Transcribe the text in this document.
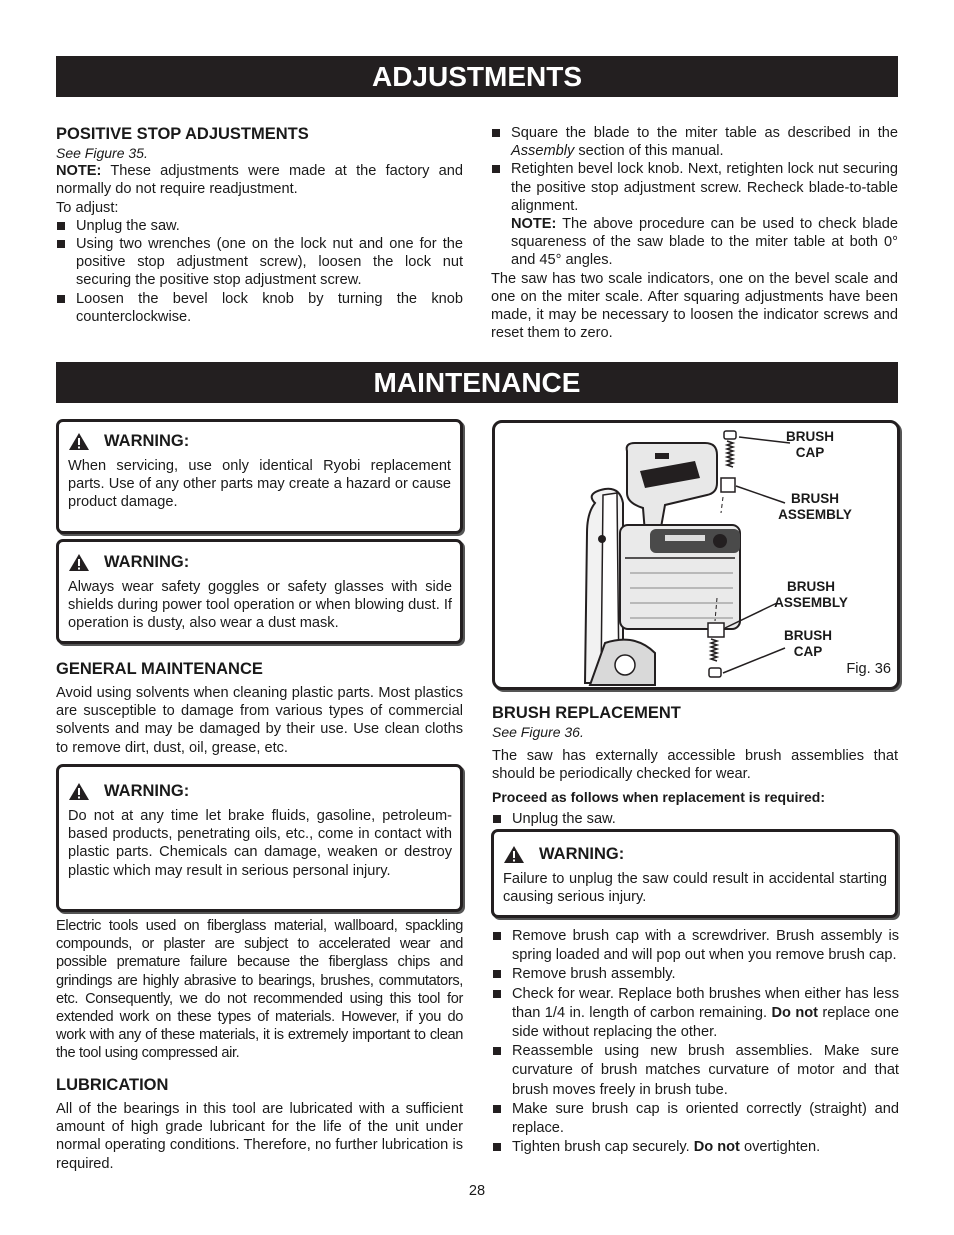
ADJUSTMENTS
POSITIVE STOP ADJUSTMENTS
See Figure 35.

NOTE: These adjustments were made at the factory and normally do not require readjustment.

To adjust:

Unplug the saw.
Using two wrenches (one on the lock nut and one for the positive stop adjustment screw), loosen the lock nut securing the positive stop adjustment screw.
Loosen the bevel lock knob by turning the knob counterclockwise.
Square the blade to the miter table as described in the Assembly section of this manual.
Retighten bevel lock knob. Next, retighten lock nut securing the positive stop adjustment screw. Recheck blade-to-table alignment.
NOTE: The above procedure can be used to check blade squareness of the saw blade to the miter table at both 0° and 45° angles.

The saw has two scale indicators, one on the bevel scale and one on the miter scale. After squaring adjustments have been made, it may be necessary to loosen the indicator screws and reset them to zero.

MAINTENANCE
WARNING:

When servicing, use only identical Ryobi replacement parts. Use of any other parts may create a hazard or cause product damage.

WARNING:

Always wear safety goggles or safety glasses with side shields during power tool operation or when blowing dust. If operation is dusty, also wear a dust mask.

GENERAL MAINTENANCE

Avoid using solvents when cleaning plastic parts. Most plastics are susceptible to damage from various types of commercial solvents and may be damaged by their use. Use clean cloths to remove dirt, dust, oil, grease, etc.

WARNING:

Do not at any time let brake fluids, gasoline, petroleum-based products, penetrating oils, etc., come in contact with plastic parts. Chemicals can damage, weaken or destroy plastic which may result in serious personal injury.

Electric tools used on fiberglass material, wallboard, spackling compounds, or plaster are subject to accelerated wear and possible premature failure because the fiberglass chips and grindings are highly abrasive to bearings, brushes, commutators, etc. Consequently, we do not recommended using this tool for extended work on these types of materials. However, if you do work with any of these materials, it is extremely important to clean the tool using compressed air.

LUBRICATION

All of the bearings in this tool are lubricated with a sufficient amount of high grade lubricant for the life of the unit under normal operating conditions. Therefore, no further lubrication is required.

BRUSH CAP
BRUSH ASSEMBLY
BRUSH ASSEMBLY
BRUSH CAP
Fig. 36
BRUSH REPLACEMENT
See Figure 36.

The saw has externally accessible brush assemblies that should be periodically checked for wear.

Proceed as follows when replacement is required:

Unplug the saw.
WARNING:

Failure to unplug the saw could result in accidental starting causing serious injury.

Remove brush cap with a screwdriver. Brush assembly is spring loaded and will pop out when you remove brush cap.
Remove brush assembly.
Check for wear. Replace both brushes when either has less than 1/4 in. length of carbon remaining. Do not replace one side without replacing the other.
Reassemble using new brush assemblies. Make sure curvature of brush matches curvature of motor and that brush moves freely in brush tube.
Make sure brush cap is oriented correctly (straight) and replace.
Tighten brush cap securely. Do not overtighten.
28
